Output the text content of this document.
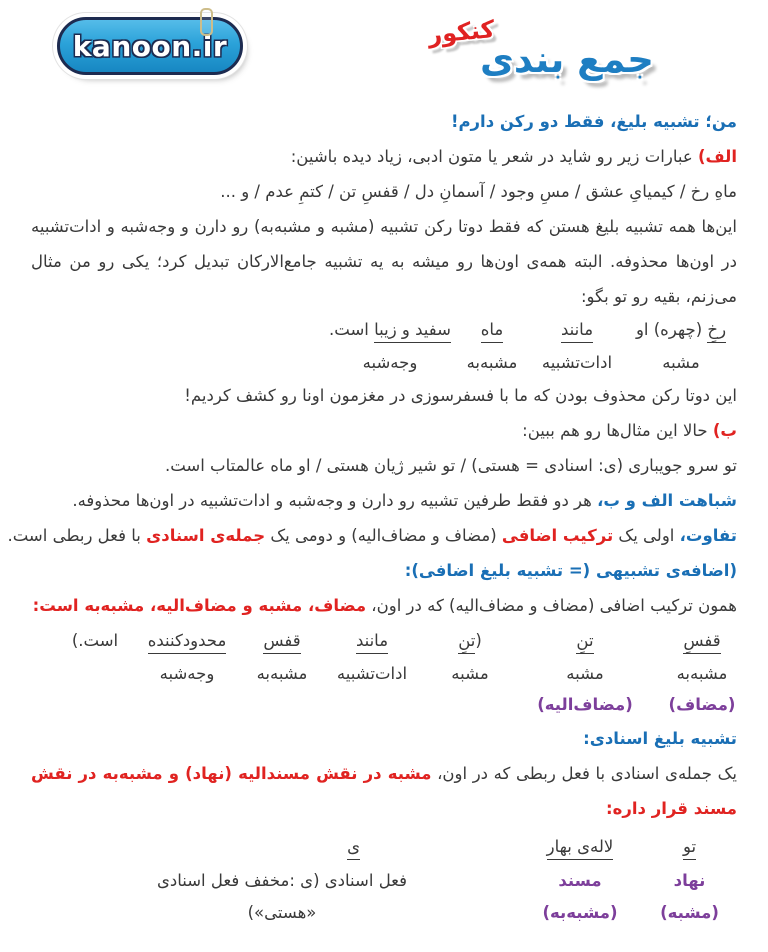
kanoon.ir	کنکور
جمع بندی

من؛ تشبیه بلیغ، فقط دو رکن دارم!

الف) عبارات زیر رو شاید در شعر یا متون ادبی، زیاد دیده باشین:

ماهِ رخ / کیمیایِ عشق / مسِ وجود / آسمانِ دل / قفسِ تن / کتمِ عدم / و ...

این‌ها همه تشبیه بلیغ هستن که فقط دوتا رکن تشبیه (مشبه و مشبه‌به) رو دارن و وجه‌شبه و ادات‌تشبیه در اون‌ها محذوفه. البته همه‌ی اون‌ها رو میشه به یه تشبیه جامع‌الارکان تبدیل کرد؛ یکی رو من مثال می‌زنم، بقیه رو تو بگو:

رخِ (چهره) او
مشبه
مانند
ادات‌تشبیه
ماه
مشبه‌به
سفید و زیبا است.
وجه‌شبه

این دوتا رکن محذوف بودن که ما با فسفرسوزی در مغزمون اونا رو کشف کردیم!

ب) حالا این مثال‌ها رو هم ببین:

تو سرو جویباری (ی: اسنادی = هستی) / تو شیر ژیان هستی / او ماه عالمتاب است.

شباهت الف و ب، هر دو فقط طرفین تشبیه رو دارن و وجه‌شبه و ادات‌تشبیه در اون‌ها محذوفه.

تفاوت، اولی یک ترکیب اضافی (مضاف و مضاف‌الیه) و دومی یک جمله‌ی اسنادی با فعل ربطی است.

(اضافه‌ی تشبیهی (= تشبیه بلیغ اضافی):

همون ترکیب اضافی (مضاف و مضاف‌الیه) که در اون، مضاف، مشبه و مضاف‌الیه، مشبه‌به است:

قفسِ
مشبه‌به
(مضاف)
تنِ
مشبه
(مضاف‌الیه)
(تنِ
مشبه
مانند
ادات‌تشبیه
قفس
مشبه‌به
محدودکننده
وجه‌شبه
است.)

تشبیه بلیغ اسنادی:

یک جمله‌ی اسنادی با فعل ربطی که در اون، مشبه در نقش مسندالیه (نهاد) و مشبه‌به در نقش مسند قرار داره:

تو
نهاد (مشبه)
لاله‌ی بهار
مسند (مشبه‌به)
ی
فعل اسنادی (ی :مخفف فعل اسنادی «هستی»)
